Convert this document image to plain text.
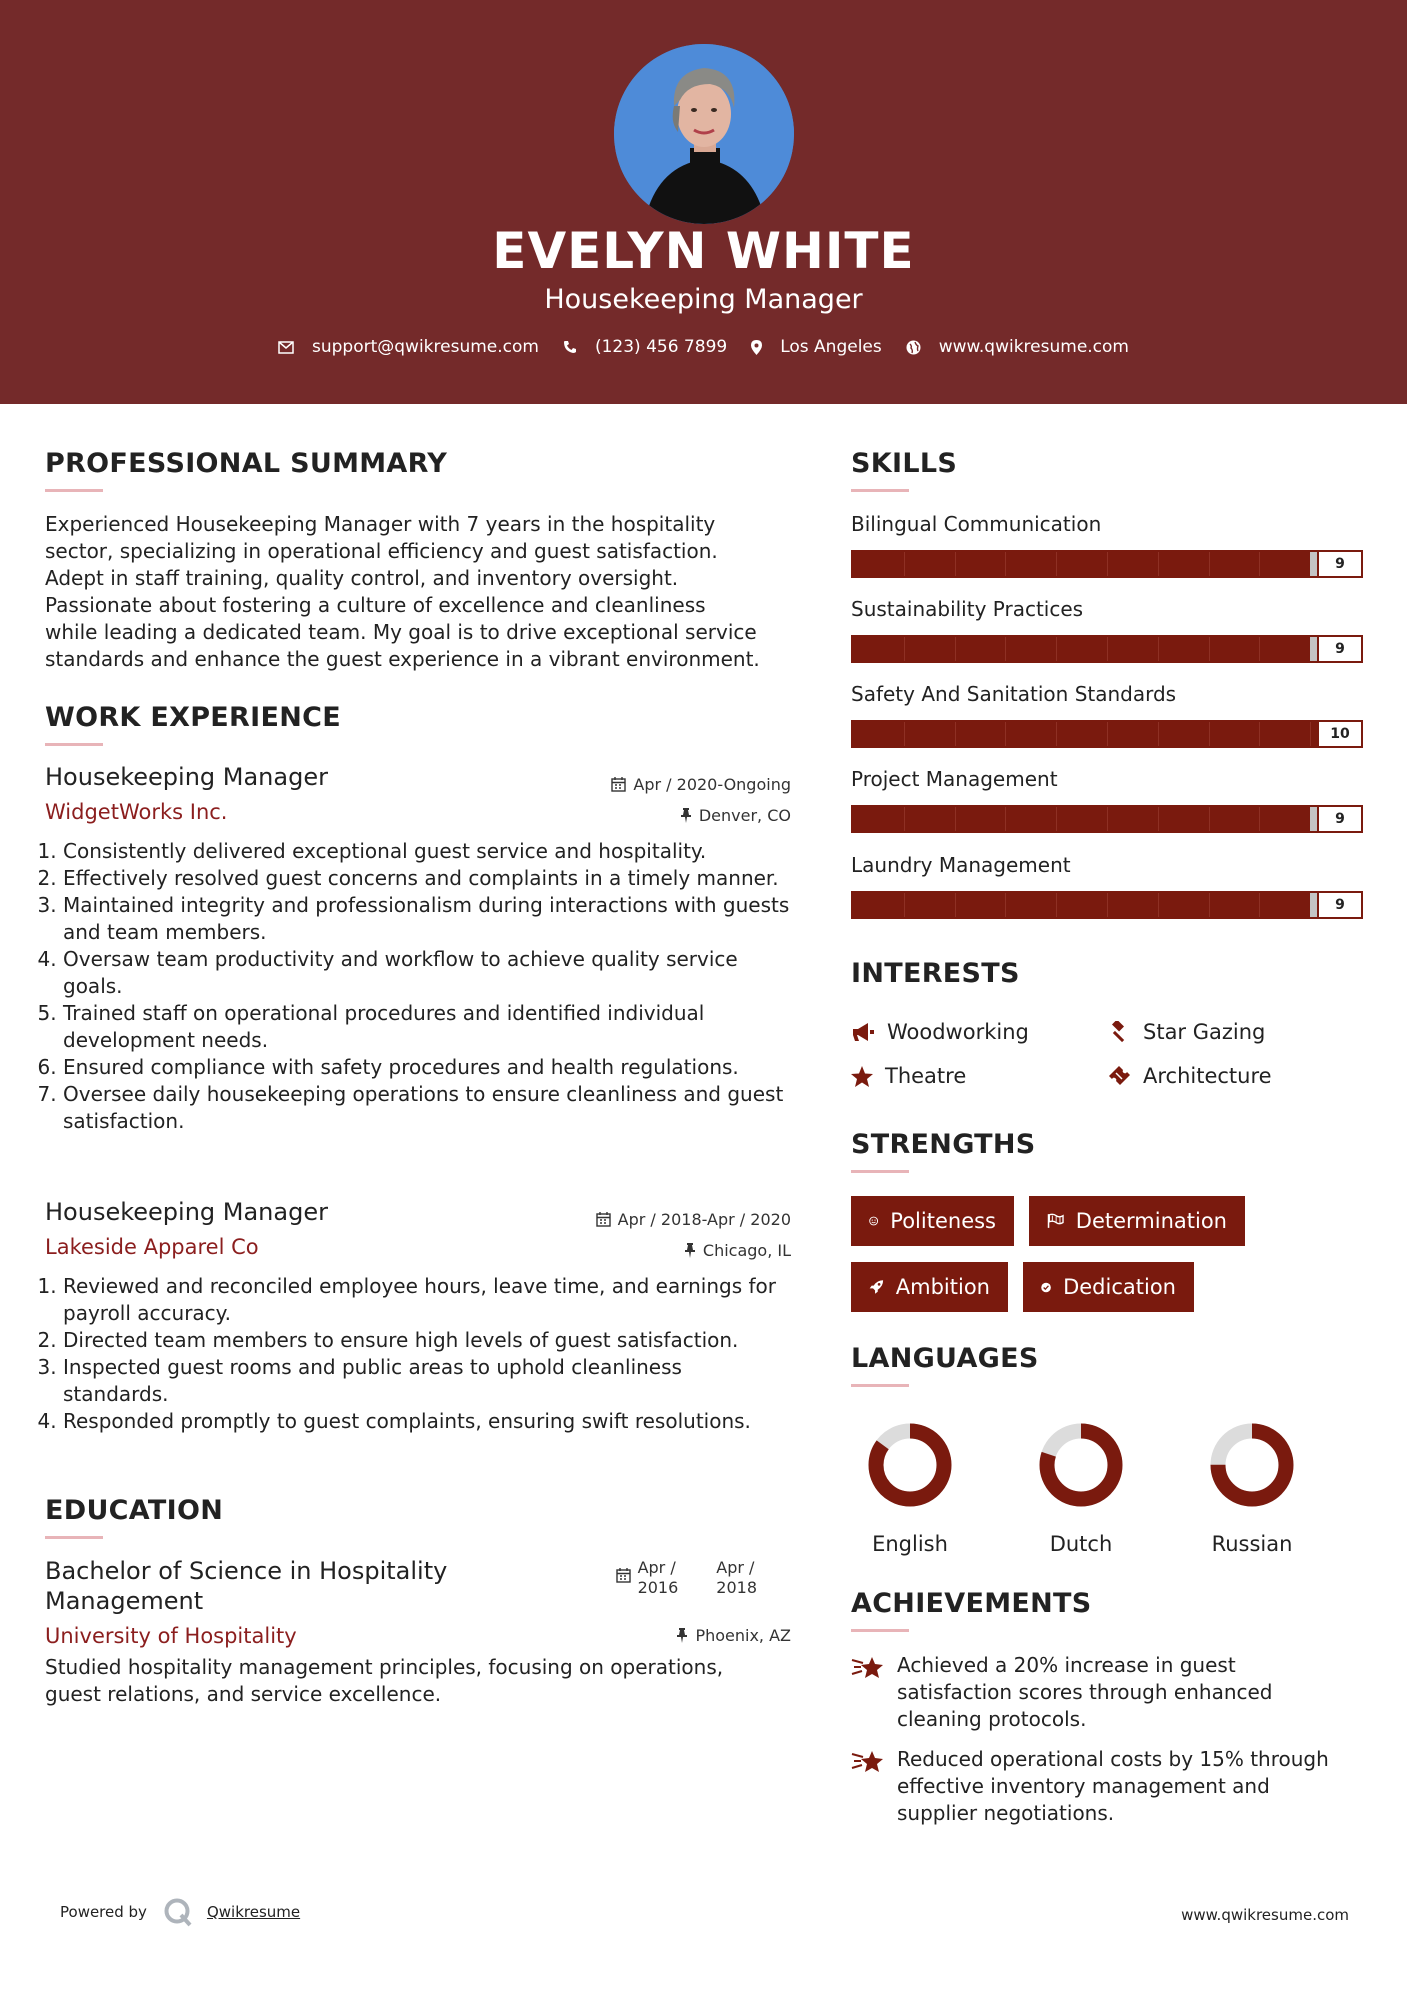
EVELYN WHITE
Housekeeping Manager
support@qwikresume.com	(123) 456 7899	Los Angeles	www.qwikresume.com
PROFESSIONAL SUMMARY
Experienced Housekeeping Manager with 7 years in the hospitality
sector, specializing in operational efficiency and guest satisfaction.
Adept in staff training, quality control, and inventory oversight.
Passionate about fostering a culture of excellence and cleanliness
while leading a dedicated team. My goal is to drive exceptional service
standards and enhance the guest experience in a vibrant environment.
WORK EXPERIENCE
Housekeeping Manager
WidgetWorks Inc.
Apr / 2020-Ongoing
Denver, CO
1. Consistently delivered exceptional guest service and hospitality.
2. Effectively resolved guest concerns and complaints in a timely manner.
3. Maintained integrity and professionalism during interactions with guests and team members.
4. Oversaw team productivity and workflow to achieve quality service goals.
5. Trained staff on operational procedures and identified individual development needs.
6. Ensured compliance with safety procedures and health regulations.
7. Oversee daily housekeeping operations to ensure cleanliness and guest satisfaction.
Housekeeping Manager
Lakeside Apparel Co
Apr / 2018-Apr / 2020
Chicago, IL
1. Reviewed and reconciled employee hours, leave time, and earnings for payroll accuracy.
2. Directed team members to ensure high levels of guest satisfaction.
3. Inspected guest rooms and public areas to uphold cleanliness standards.
4. Responded promptly to guest complaints, ensuring swift resolutions.
EDUCATION
Bachelor of Science in Hospitality
Management
University of Hospitality
Apr /
2016
Apr /
2018
Phoenix, AZ
Studied hospitality management principles, focusing on operations,
guest relations, and service excellence.
SKILLS
Bilingual Communication
9
Sustainability Practices
9
Safety And Sanitation Standards
10
Project Management
9
Laundry Management
9
INTERESTS
Woodworking	Star Gazing
Theatre	Architecture
STRENGTHS
Politeness	Determination
Ambition	Dedication
LANGUAGES
English	Dutch	Russian
ACHIEVEMENTS
Achieved a 20% increase in guest
satisfaction scores through enhanced
cleaning protocols.
Reduced operational costs by 15% through
effective inventory management and
supplier negotiations.
Powered by	Qwikresume	www.qwikresume.com
